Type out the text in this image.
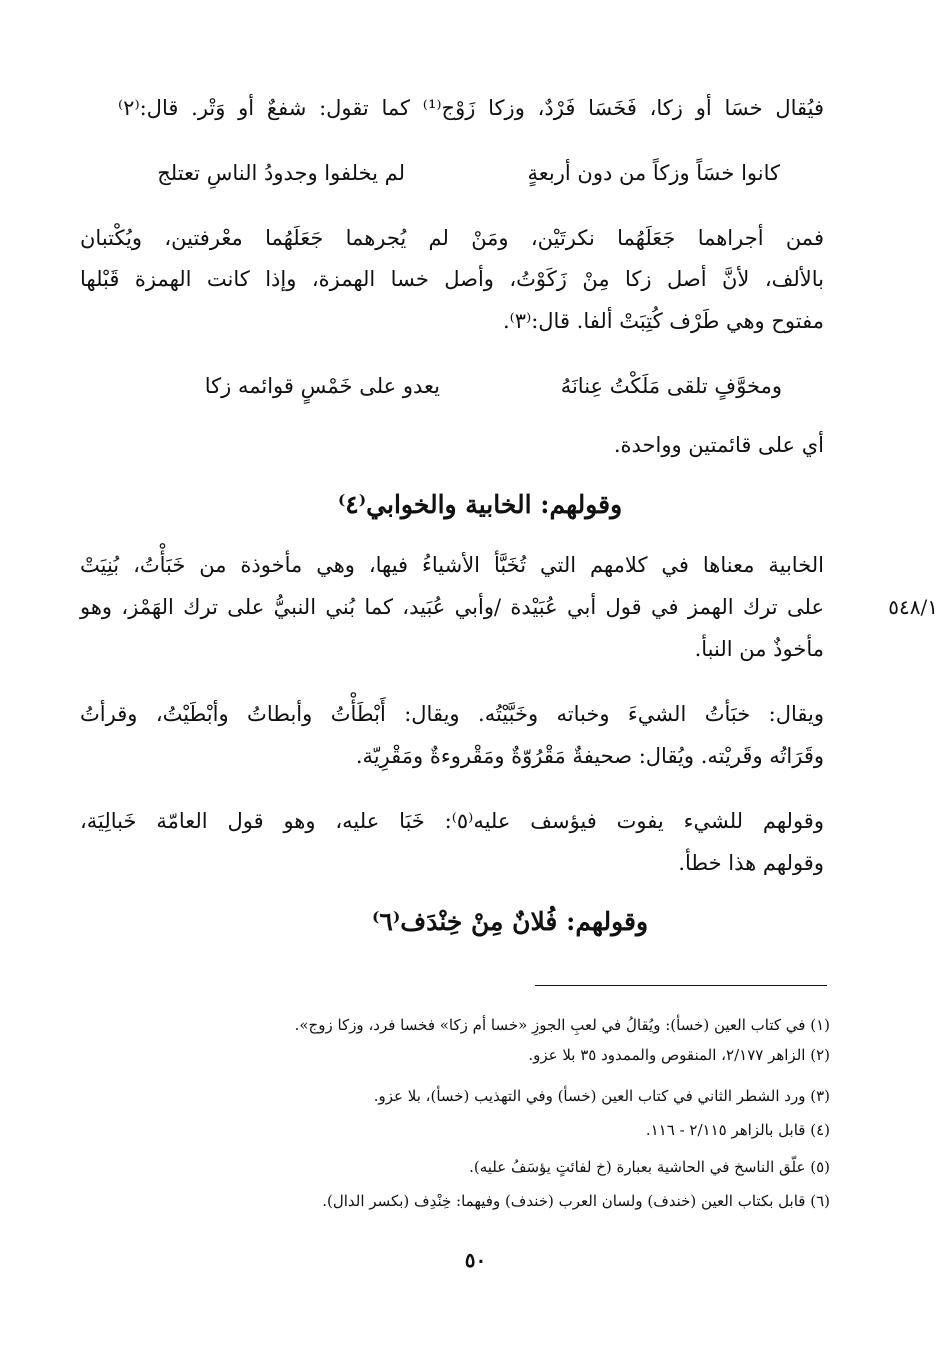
فيُقال خسَا أو زكا، فَخَسَا فَرْدٌ، وزكا زَوْج⁽¹⁾ كما تقول: شفعٌ أو وَتْر. قال:⁽٢⁾
كانوا خسَاً وزكاً من دون أربعةٍ
لم يخلفوا وجدودُ الناسِ تعتلج
فمن أجراهما جَعَلَهُما نكرتَيْن، ومَنْ لم يُجرهما جَعَلَهُما معْرفتين، ويُكْتبان
بالألف، لأنَّ أصل زكا مِنْ زَكَوْتُ، وأصل خسا الهمزة، وإذا كانت الهمزة قَبْلها
مفتوح وهي طَرْف كُتِبَتْ ألفا. قال:⁽٣⁾.
ومخوَّفٍ تلقى مَلَكْتُ عِنانَهُ
يعدو على خَمْسٍ قوائمه زكا
أي على قائمتين وواحدة.
وقولهم: الخابية والخوابي⁽٤⁾
الخابية معناها في كلامهم التي تُخَبَّأ الأشياءُ فيها، وهي مأخوذة من خَبَأْتُ، بُنِيَتْ
٥٤٨/١
على ترك الهمز في قول أبي عُبَيْدة /وأبي عُبَيد، كما بُني النبيُّ على ترك الهَمْز، وهو
مأخوذٌ من النبأ.
ويقال: خبَأتُ الشيءَ وخباته وخَبَّيْتُه. ويقال: أَبْطَأْتُ وأبطاتُ وأبْطَيْتُ، وقرأتُ
وقَرَاتُه وقَريْته. ويُقال: صحيفةٌ مَقْرُوّةٌ ومَقْروءةٌ ومَقْرِيّة.
وقولهم للشيء يفوت فيؤسف عليه⁽٥⁾: خَبَا عليه، وهو قول العامّة خَبالِيَة،
وقولهم هذا خطأ.
وقولهم: فُلانٌ مِنْ خِنْدَف⁽٦⁾
(١) في كتاب العين (خسأ): ويُقالُ في لعبِ الجوزِ «خسا أم زكا» فخسا فرد، وزكا زوج».
(٢) الزاهر ٢/١٧٧، المنقوص والممدود ٣٥ بلا عزو.
(٣) ورد الشطر الثاني في كتاب العين (خسأ) وفي التهذيب (خسأ)، بلا عزو.
(٤) قابل بالزاهر ٢/١١٥ - ١١٦.
(٥) علّق الناسخ في الحاشية بعبارة (خ لفائتٍ يؤسَفُ عليه).
(٦) قابل بكتاب العين (خندف) ولسان العرب (خندف) وفيهما: خِنْدِف (بكسر الدال).
٥٠
